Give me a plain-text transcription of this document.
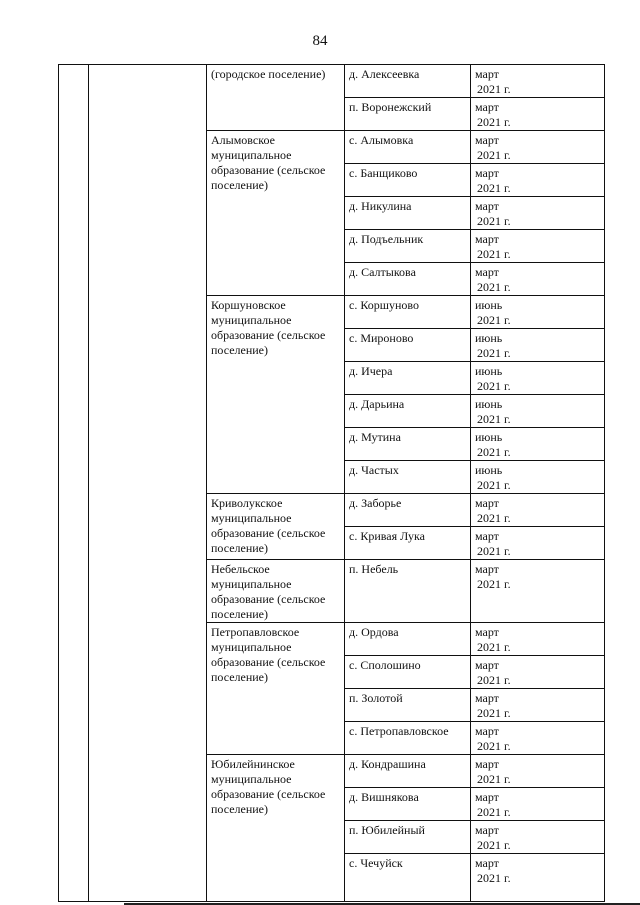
84
		(городское поселение)	д. Алексеевка	март
2021 г.

			п. Воронежский	март
2021 г.

		Алымовское муниципальное образование (сельское поселение)	с. Алымовка	март
2021 г.

			с. Банщиково	март
2021 г.

			д. Никулина	март
2021 г.

			д. Подъельник	март
2021 г.

			д. Салтыкова	март
2021 г.

		Коршуновское муниципальное образование (сельское поселение)	с. Коршуново	июнь
2021 г.

			с. Мироново	июнь
2021 г.

			д. Ичера	июнь
2021 г.

			д. Дарьина	июнь
2021 г.

			д. Мутина	июнь
2021 г.

			д. Частых	июнь
2021 г.

		Криволукское муниципальное образование (сельское поселение)	д. Заборье	март
2021 г.

			с. Кривая Лука	март
2021 г.

		Небельское муниципальное образование (сельское поселение)	п. Небель	март
2021 г.

		Петропавловское муниципальное образование (сельское поселение)	д. Ордова	март
2021 г.

			с. Сполошино	март
2021 г.

			п. Золотой	март
2021 г.

			с. Петропавловское	март
2021 г.

		Юбилейнинское муниципальное образование (сельское поселение)	д. Кондрашина	март
2021 г.

			д. Вишнякова	март
2021 г.

			п. Юбилейный	март
2021 г.

			с. Чечуйск	март
2021 г.
